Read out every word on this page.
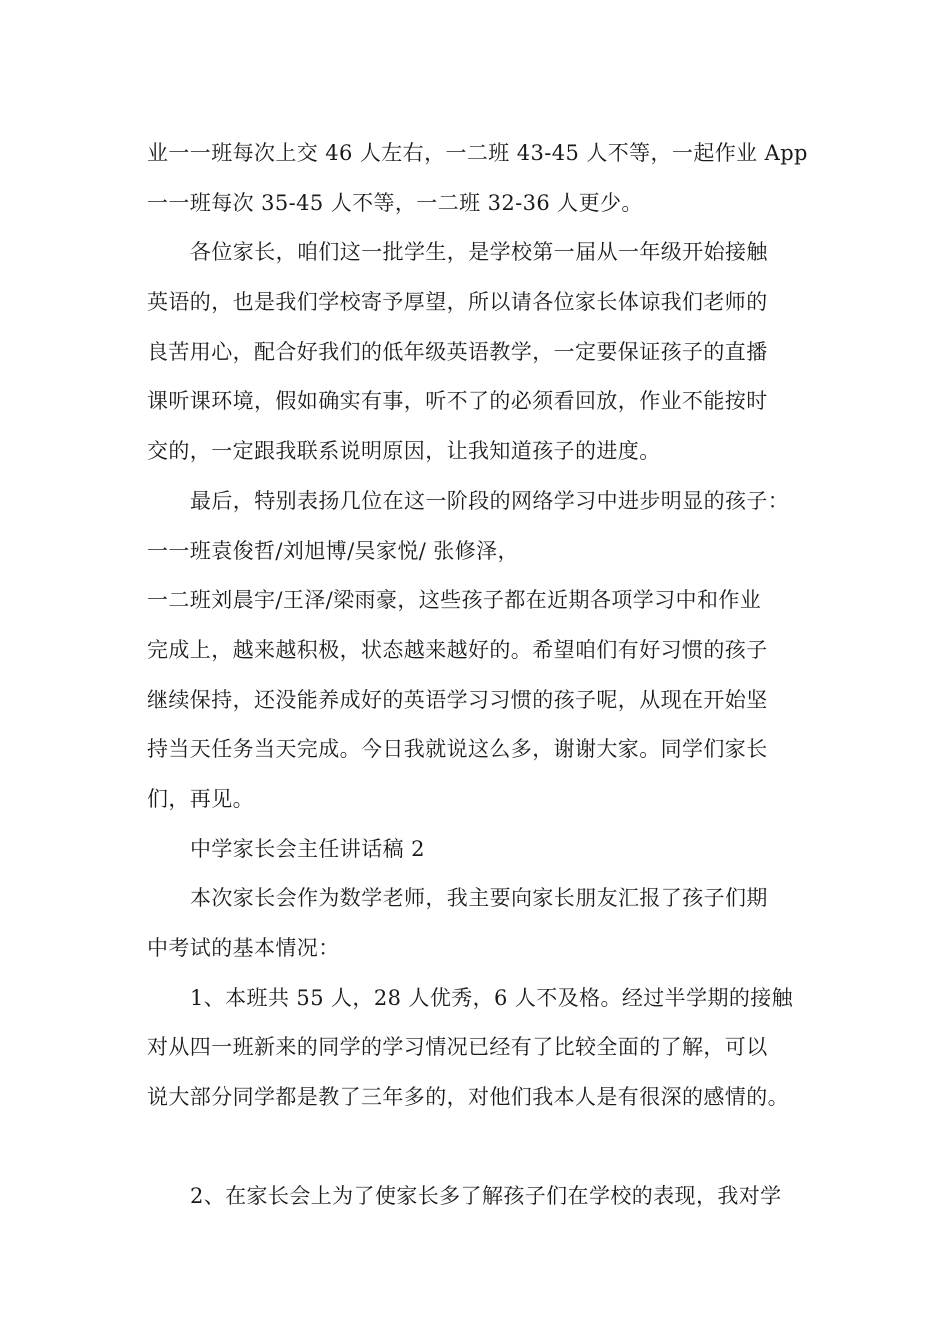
业一一班每次上交 46 人左右，一二班 43-45 人不等，一起作业 App
一一班每次 35-45 人不等，一二班 32-36 人更少。
各位家长，咱们这一批学生，是学校第一届从一年级开始接触
英语的，也是我们学校寄予厚望，所以请各位家长体谅我们老师的
良苦用心，配合好我们的低年级英语教学，一定要保证孩子的直播
课听课环境，假如确实有事，听不了的必须看回放，作业不能按时
交的，一定跟我联系说明原因，让我知道孩子的进度。
最后，特别表扬几位在这一阶段的网络学习中进步明显的孩子：
一一班袁俊哲/刘旭博/吴家悦/ 张修泽，
一二班刘晨宇/王泽/梁雨豪，这些孩子都在近期各项学习中和作业
完成上，越来越积极，状态越来越好的。希望咱们有好习惯的孩子
继续保持，还没能养成好的英语学习习惯的孩子呢，从现在开始坚
持当天任务当天完成。今日我就说这么多，谢谢大家。同学们家长
们，再见。
中学家长会主任讲话稿 2
本次家长会作为数学老师，我主要向家长朋友汇报了孩子们期
中考试的基本情况：
1、本班共 55 人，28 人优秀，6 人不及格。经过半学期的接触
对从四一班新来的同学的学习情况已经有了比较全面的了解，可以
说大部分同学都是教了三年多的，对他们我本人是有很深的感情的。
2、在家长会上为了使家长多了解孩子们在学校的表现，我对学
